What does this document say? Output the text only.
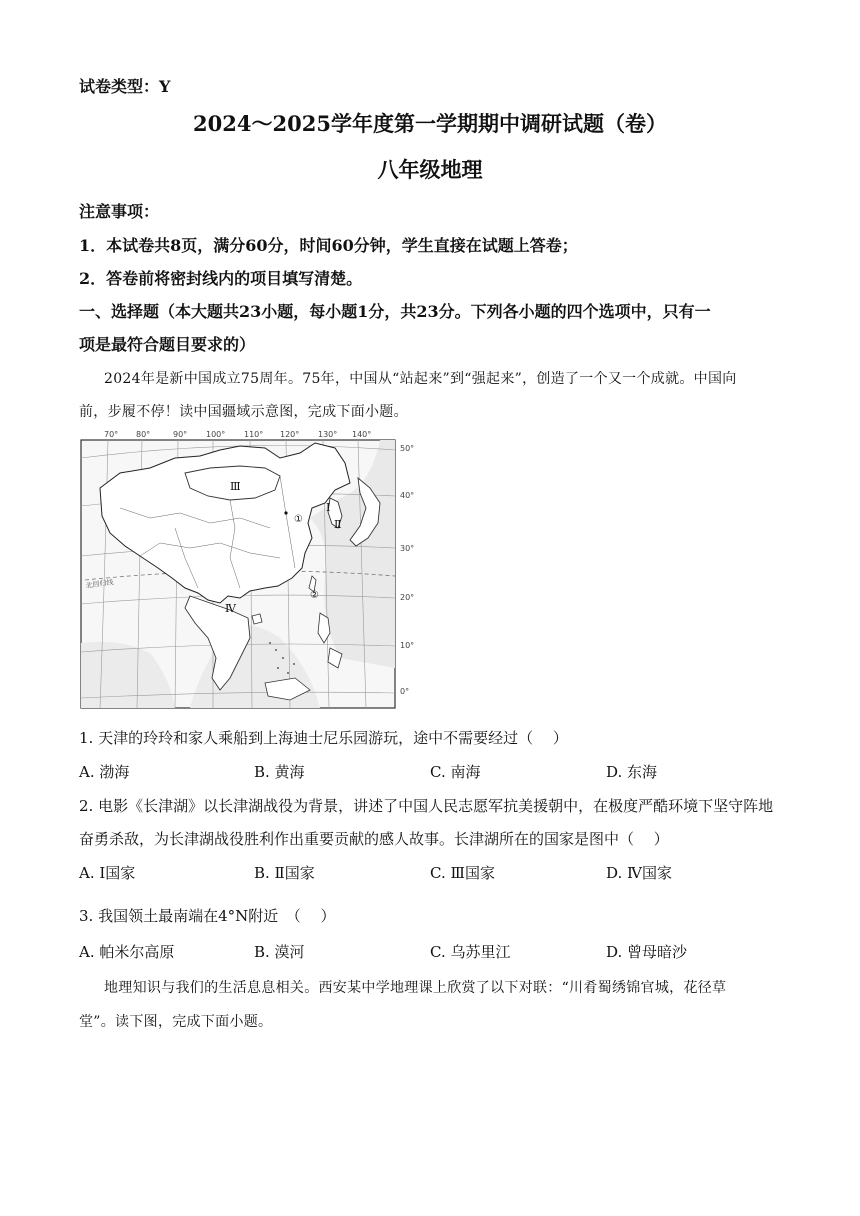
试卷类型：Y
2024～2025学年度第一学期期中调研试题（卷）
八年级地理
注意事项：
1．本试卷共8页，满分60分，时间60分钟，学生直接在试题上答卷；
2．答卷前将密封线内的项目填写清楚。
一、选择题（本大题共23小题，每小题1分，共23分。下列各小题的四个选项中，只有一
项是最符合题目要求的）
2024年是新中国成立75周年。75年，中国从“站起来”到“强起来”，创造了一个又一个成就。中国向
前，步履不停！读中国疆域示意图，完成下面小题。
70° 80°	90° 100° 110° 120° 130° 140°
50°
40°
30°
20°
10°
0°
北回归线
Ⅲ
Ⅰ
Ⅱ
Ⅳ
①
②
1. 天津的玲玲和家人乘船到上海迪士尼乐园游玩，途中不需要经过（　 ）
A. 渤海	B. 黄海	C. 南海	D. 东海
2. 电影《长津湖》以长津湖战役为背景，讲述了中国人民志愿军抗美援朝中，在极度严酷环境下坚守阵地
奋勇杀敌，为长津湖战役胜利作出重要贡献的感人故事。长津湖所在的国家是图中（　 ）
A. Ⅰ国家	B. Ⅱ国家	C. Ⅲ国家	D. Ⅳ国家
3. 我国领土最南端在4°N附近　（　 ）
A. 帕米尔高原	B. 漠河	C. 乌苏里江	D. 曾母暗沙
地理知识与我们的生活息息相关。西安某中学地理课上欣赏了以下对联：“川肴蜀绣锦官城，花径草
堂”。读下图，完成下面小题。
